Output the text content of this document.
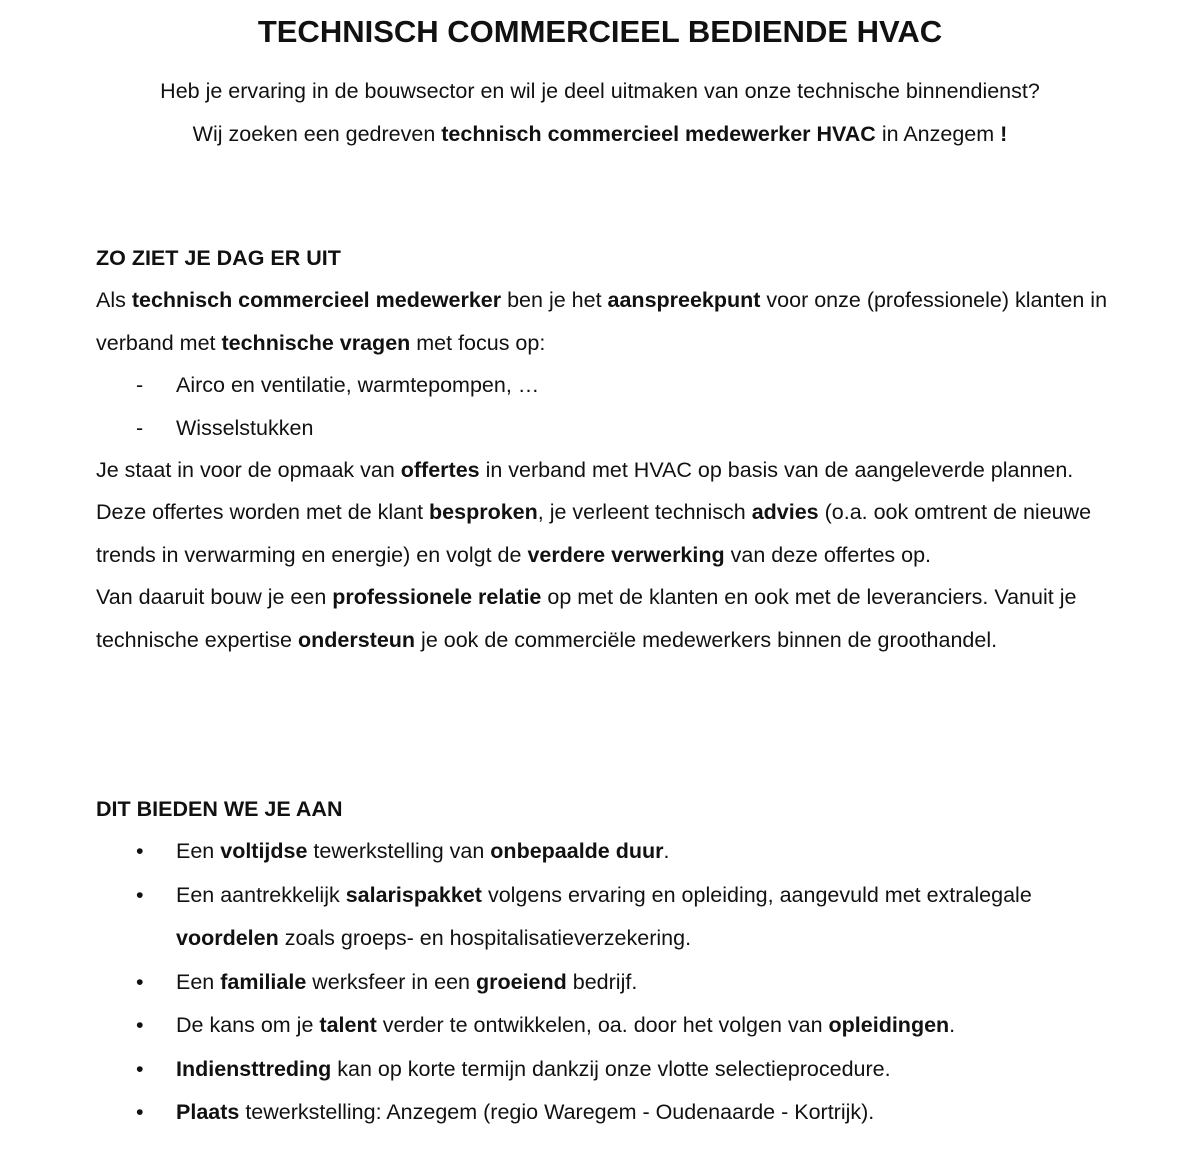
TECHNISCH COMMERCIEEL BEDIENDE HVAC
Heb je ervaring in de bouwsector en wil je deel uitmaken van onze technische binnendienst?
Wij zoeken een gedreven technisch commercieel medewerker HVAC in Anzegem !
ZO ZIET JE DAG ER UIT
Als technisch commercieel medewerker ben je het aanspreekpunt voor onze (professionele) klanten in verband met technische vragen met focus op:
- Airco en ventilatie, warmtepompen, …
- Wisselstukken
Je staat in voor de opmaak van offertes in verband met HVAC op basis van de aangeleverde plannen. Deze offertes worden met de klant besproken, je verleent technisch advies (o.a. ook omtrent de nieuwe trends in verwarming en energie) en volgt de verdere verwerking van deze offertes op.
Van daaruit bouw je een professionele relatie op met de klanten en ook met de leveranciers. Vanuit je technische expertise ondersteun je ook de commerciële medewerkers binnen de groothandel.
DIT BIEDEN WE JE AAN
• Een voltijdse tewerkstelling van onbepaalde duur.
• Een aantrekkelijk salarispakket volgens ervaring en opleiding, aangevuld met extralegale voordelen zoals groeps- en hospitalisatieverzekering.
• Een familiale werksfeer in een groeiend bedrijf.
• De kans om je talent verder te ontwikkelen, oa. door het volgen van opleidingen.
• Indiensttreding kan op korte termijn dankzij onze vlotte selectieprocedure.
• Plaats tewerkstelling: Anzegem (regio Waregem - Oudenaarde - Kortrijk).
